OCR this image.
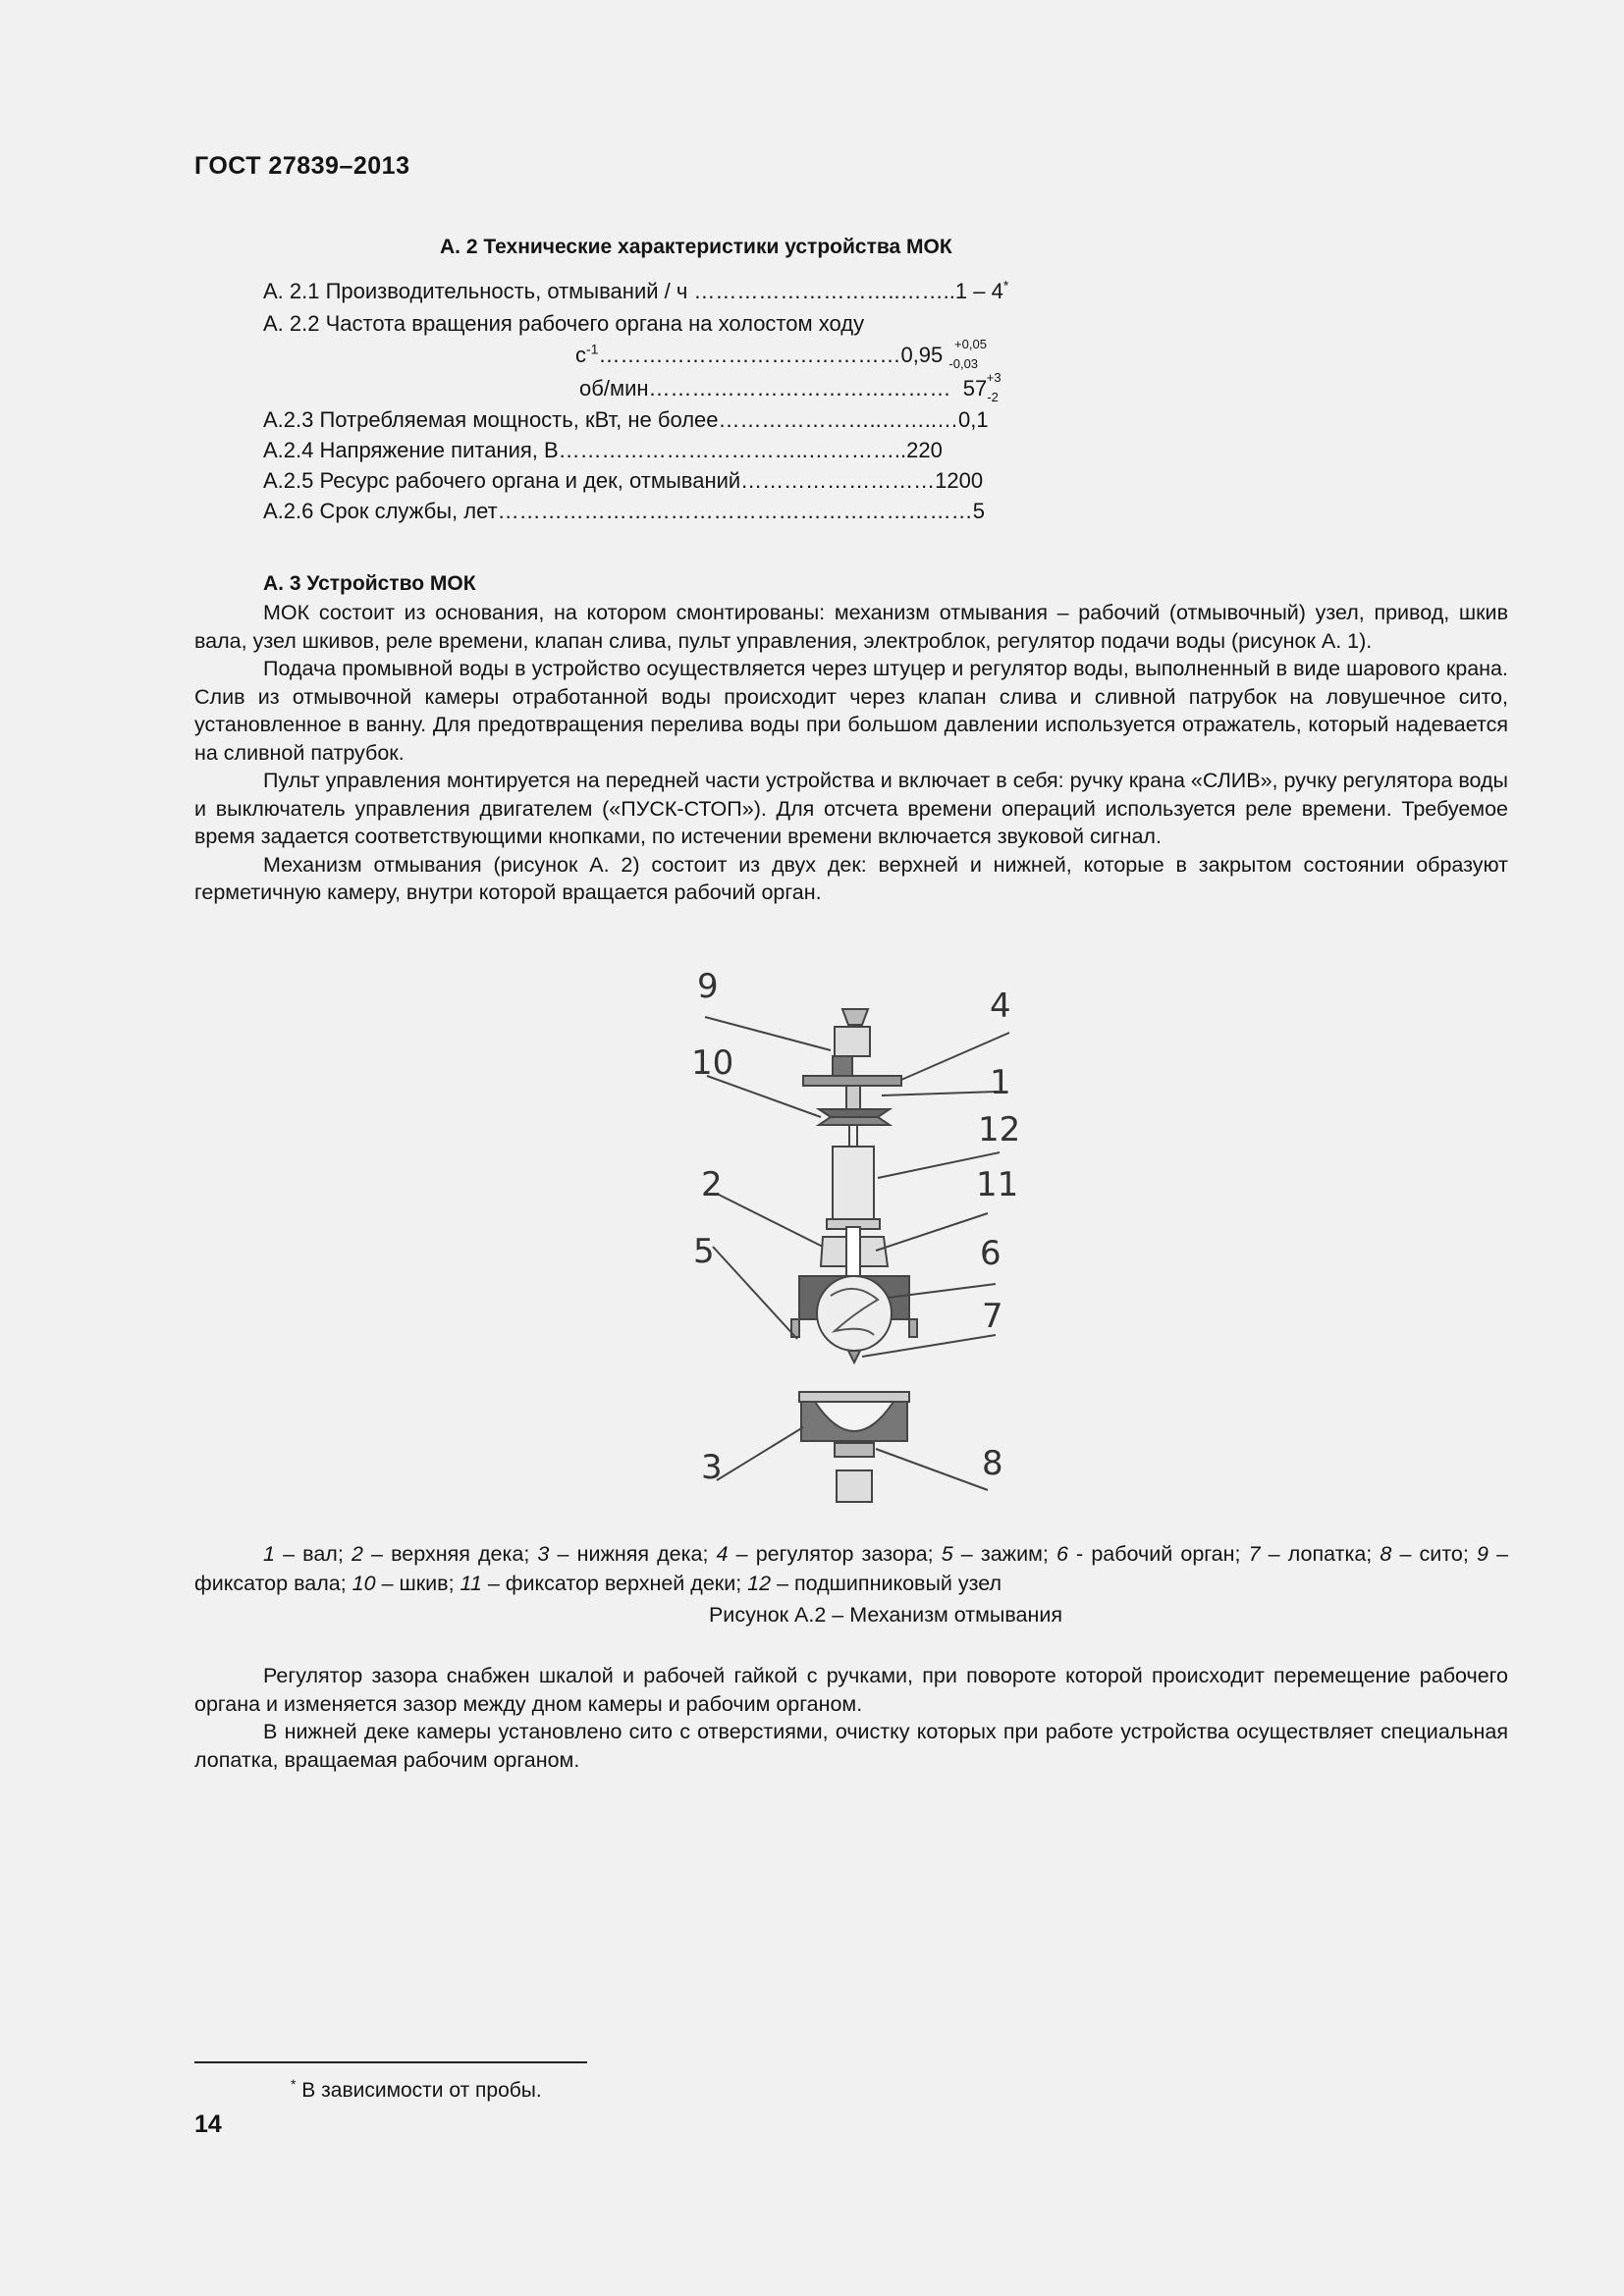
ГОСТ 27839–2013
А. 2 Технические характеристики устройства МОК
А. 2.1 Производительность, отмываний / ч ………………………..……..1 – 4*
А. 2.2 Частота вращения рабочего органа на холостом ходу
$с^{-1}\dots\dots\dots\dots\dots\dots\dots\dots\dots\dots\dots\dots\dots\dots 0,95$ $_{-0,03}^{+0,05}$
об/мин…………………………………… $57_{-2}^{+3}$
А.2.3 Потребляемая мощность, кВт, не более…………………..……..…0,1
А.2.4 Напряжение питания, В……………………………..…………..220
А.2.5 Ресурс рабочего органа и дек, отмываний………………………1200
А.2.6 Срок службы, лет…………………………………………………………5
А. 3 Устройство МОК

МОК состоит из основания, на котором смонтированы: механизм отмывания – рабочий (отмывочный) узел, привод, шкив вала, узел шкивов, реле времени, клапан слива, пульт управления, электроблок, регулятор подачи воды (рисунок А. 1).

Подача промывной воды в устройство осуществляется через штуцер и регулятор воды, выполненный в виде шарового крана. Слив из отмывочной камеры отработанной воды происходит через клапан слива и сливной патрубок на ловушечное сито, установленное в ванну. Для предотвращения перелива воды при большом давлении используется отражатель, который надевается на сливной патрубок.

Пульт управления монтируется на передней части устройства и включает в себя: ручку крана «СЛИВ», ручку регулятора воды и выключатель управления двигателем («ПУСК-СТОП»). Для отсчета времени операций используется реле времени. Требуемое время задается соответствующими кнопками, по истечении времени включается звуковой сигнал.

Механизм отмывания (рисунок А. 2) состоит из двух дек: верхней и нижней, которые в закрытом состоянии образуют герметичную камеру, внутри которой вращается рабочий орган.

9	4
10	1
12
2	11
5	6
7
3	8

1 – вал; 2 – верхняя дека; 3 – нижняя дека; 4 – регулятор зазора; 5 – зажим; 6 - рабочий орган; 7 – лопатка; 8 – сито; 9 – фиксатор вала; 10 – шкив; 11 – фиксатор верхней деки; 12 – подшипниковый узел

Рисунок А.2 – Механизм отмывания

Регулятор зазора снабжен шкалой и рабочей гайкой с ручками, при повороте которой происходит перемещение рабочего органа и изменяется зазор между дном камеры и рабочим органом.

В нижней деке камеры установлено сито с отверстиями, очистку которых при работе устройства осуществляет специальная лопатка, вращаемая рабочим органом.

* В зависимости от пробы.
14
